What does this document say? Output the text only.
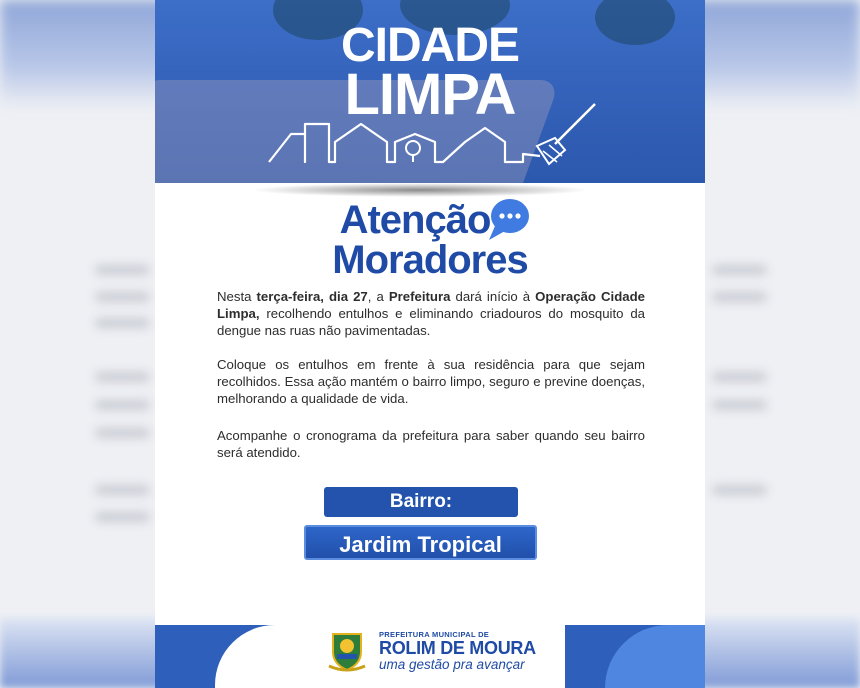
CIDADE
LIMPA
Atenção
Moradores

Nesta terça-feira, dia 27, a Prefeitura dará início à Operação Cidade Limpa, recolhendo entulhos e eliminando criadouros do mosquito da dengue nas ruas não pavimentadas.

Coloque os entulhos em frente à sua residência para que sejam recolhidos. Essa ação mantém o bairro limpo, seguro e previne doenças, melhorando a qualidade de vida.

Acompanhe o cronograma da prefeitura para saber quando seu bairro será atendido.

Bairro:
Jardim Tropical
PREFEITURA MUNICIPAL DE
ROLIM DE MOURA
uma gestão pra avançar
